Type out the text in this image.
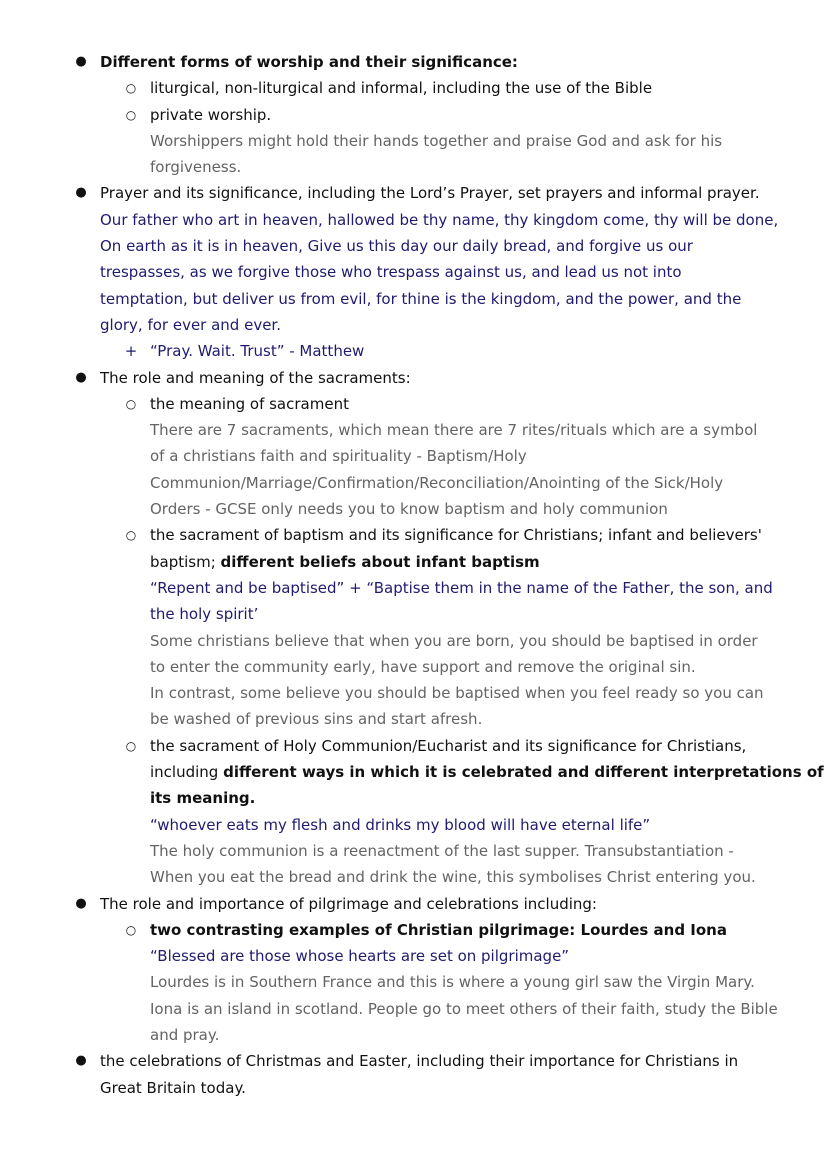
● Different forms of worship and their significance:
○ liturgical, non-liturgical and informal, including the use of the Bible
○ private worship.
Worshippers might hold their hands together and praise God and ask for his
forgiveness.
● Prayer and its significance, including the Lord’s Prayer, set prayers and informal prayer.
Our father who art in heaven, hallowed be thy name, thy kingdom come, thy will be done,
On earth as it is in heaven, Give us this day our daily bread, and forgive us our
trespasses, as we forgive those who trespass against us, and lead us not into
temptation, but deliver us from evil, for thine is the kingdom, and the power, and the
glory, for ever and ever.
+ “Pray. Wait. Trust” - Matthew
● The role and meaning of the sacraments:
○ the meaning of sacrament
There are 7 sacraments, which mean there are 7 rites/rituals which are a symbol
of a christians faith and spirituality - Baptism/Holy
Communion/Marriage/Confirmation/Reconciliation/Anointing of the Sick/Holy
Orders - GCSE only needs you to know baptism and holy communion
○ the sacrament of baptism and its significance for Christians; infant and believers'
baptism; different beliefs about infant baptism
“Repent and be baptised” + “Baptise them in the name of the Father, the son, and
the holy spirit’
Some christians believe that when you are born, you should be baptised in order
to enter the community early, have support and remove the original sin.
In contrast, some believe you should be baptised when you feel ready so you can
be washed of previous sins and start afresh.
○ the sacrament of Holy Communion/Eucharist and its significance for Christians,
including different ways in which it is celebrated and different interpretations of
its meaning.
“whoever eats my flesh and drinks my blood will have eternal life”
The holy communion is a reenactment of the last supper. Transubstantiation -
When you eat the bread and drink the wine, this symbolises Christ entering you.
● The role and importance of pilgrimage and celebrations including:
○ two contrasting examples of Christian pilgrimage: Lourdes and Iona
“Blessed are those whose hearts are set on pilgrimage”
Lourdes is in Southern France and this is where a young girl saw the Virgin Mary.
Iona is an island in scotland. People go to meet others of their faith, study the Bible
and pray.
● the celebrations of Christmas and Easter, including their importance for Christians in
Great Britain today.
